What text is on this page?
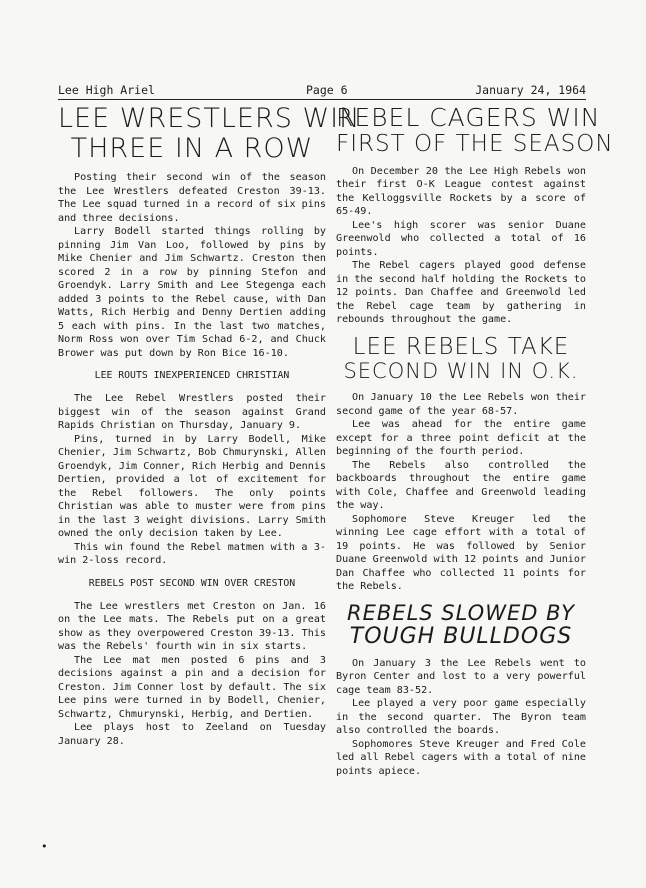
Lee High Ariel	Page 6	January 24, 1964
LEE WRESTLERS WIN
THREE IN A ROW

Posting their second win of the season the Lee Wrestlers defeated Creston 39-13. The Lee squad turned in a record of six pins and three decisions.

Larry Bodell started things rolling by pinning Jim Van Loo, followed by pins by Mike Chenier and Jim Schwartz. Creston then scored 2 in a row by pinning Stefon and Groendyk. Larry Smith and Lee Stegenga each added 3 points to the Rebel cause, with Dan Watts, Rich Herbig and Denny Dertien adding 5 each with pins. In the last two matches, Norm Ross won over Tim Schad 6-2, and Chuck Brower was put down by Ron Bice 16-10.

LEE ROUTS INEXPERIENCED CHRISTIAN

The Lee Rebel Wrestlers posted their biggest win of the season against Grand Rapids Christian on Thursday, January 9.

Pins, turned in by Larry Bodell, Mike Chenier, Jim Schwartz, Bob Chmurynski, Allen Groendyk, Jim Conner, Rich Herbig and Dennis Dertien, provided a lot of excitement for the Rebel followers. The only points Christian was able to muster were from pins in the last 3 weight divisions. Larry Smith owned the only decision taken by Lee.

This win found the Rebel matmen with a 3-win 2-loss record.

REBELS POST SECOND WIN OVER CRESTON

The Lee wrestlers met Creston on Jan. 16 on the Lee mats. The Rebels put on a great show as they overpowered Creston 39-13. This was the Rebels' fourth win in six starts.

The Lee mat men posted 6 pins and 3 decisions against a pin and a decision for Creston. Jim Conner lost by default. The six Lee pins were turned in by Bodell, Chenier, Schwartz, Chmurynski, Herbig, and Dertien.

Lee plays host to Zeeland on Tuesday January 28.

REBEL CAGERS WIN
FIRST OF THE SEASON

On December 20 the Lee High Rebels won their first O-K League contest against the Kelloggsville Rockets by a score of 65-49.

Lee's high scorer was senior Duane Greenwold who collected a total of 16 points.

The Rebel cagers played good defense in the second half holding the Rockets to 12 points. Dan Chaffee and Greenwold led the Rebel cage team by gathering in rebounds throughout the game.

LEE REBELS TAKE
SECOND WIN IN O.K.

On January 10 the Lee Rebels won their second game of the year 68-57.

Lee was ahead for the entire game except for a three point deficit at the beginning of the fourth period.

The Rebels also controlled the backboards throughout the entire game with Cole, Chaffee and Greenwold leading the way.

Sophomore Steve Kreuger led the winning Lee cage effort with a total of 19 points. He was followed by Senior Duane Greenwold with 12 points and Junior Dan Chaffee who collected 11 points for the Rebels.

REBELS SLOWED BY
TOUGH BULLDOGS

On January 3 the Lee Rebels went to Byron Center and lost to a very powerful cage team 83-52.

Lee played a very poor game especially in the second quarter. The Byron team also controlled the boards.

Sophomores Steve Kreuger and Fred Cole led all Rebel cagers with a total of nine points apiece.

•
